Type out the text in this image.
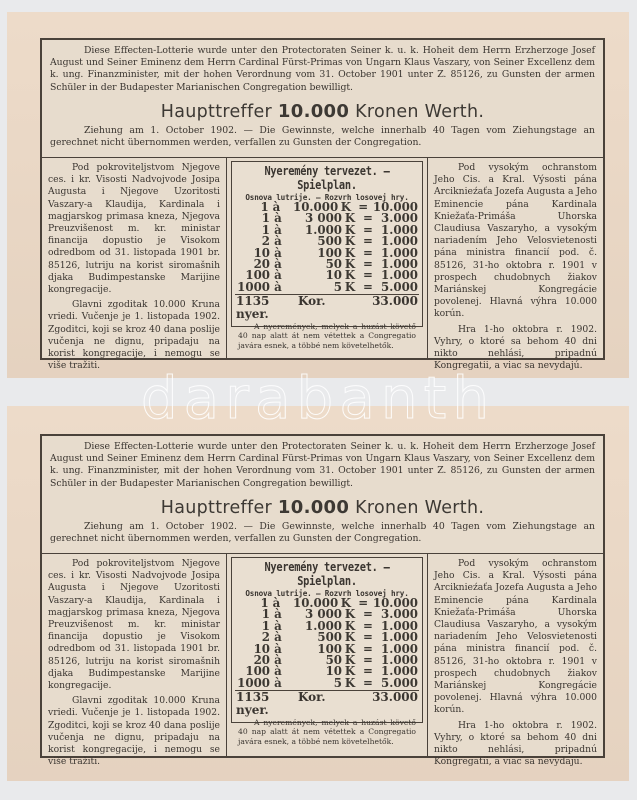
Diese Effecten-Lotterie wurde unter den Protectoraten Seiner k. u. k. Hoheit dem Herrn Erzherzoge Josef August und Seiner Eminenz dem Herrn Cardinal Fürst-Primas von Ungarn Klaus Vaszary, von Seiner Excellenz dem k. ung. Finanzminister, mit der hohen Verordnung vom 31. October 1901 unter Z. 85126, zu Gunsten der armen Schüler in der Budapester Marianischen Congregation bewilligt.
Haupttreffer 10.000 Kronen Werth.
Ziehung am 1. October 1902. — Die Gewinnste, welche innerhalb 40 Tagen vom Ziehungstage an gerechnet nicht übernommen werden, verfallen zu Gunsten der Congregation.

Pod pokroviteljstvom Njegove ces. i kr. Visosti Nadvojvode Josipa Augusta i Njegove Uzoritosti Vaszary-a Klaudija, Kardinala i magjarskog primasa kneza, Njegova Preuzvišenost m. kr. ministar financija dopustio je Visokom odredbom od 31. listopada 1901 br. 85126, lutriju na korist siromašnih djaka Budimpestanske Marijine kongregacije.

Glavni zgoditak 10.000 Kruna vriedi. Vučenje je 1. listopada 1902. Zgoditci, koji se kroz 40 dana poslije vučenja ne dignu, pripadaju na korist kongregacije, i nemogu se više tražiti.

Nyeremény tervezet. — Spielplan.
Osnova lutrije. — Rozvrh losovej hry.
1 à	10.000 K = 10.000
1 à	3 000 K = 3.000
1 à	1.000 K = 1.000
2 à	500 K = 1.000
10 à	100 K = 1.000
20 à	50 K = 1.000
100 à	10 K = 1.000
1000 à	5 K = 5.000
1135 nyer.
Kor.	33.000
A nyeremények, melyek a huzást követő 40 nap alatt át nem vétettek a Congregatio javára esnek, a többé nem követelhetők.

Pod vysokým ochranstom Jeho Cis. a Kral. Výsosti pána Arciknieźaťa Jozefa Augusta a Jeho Eminencie pána Kardinala Kniežaťa-Primáša Uhorska Claudiusa Vaszaryho, a vysokým nariadením Jeho Velosvietenosti pána ministra financií pod. č. 85126, 31-ho oktobra r. 1901 v prospech chudobnych žiakov Mariánskej Kongregácie povolenej. Hlavná výhra 10.000 korún.

Hra 1-ho oktobra r. 1902. Vyhry, o ktoré sa behom 40 dni nikto nehlási, pripadnú Kongregatii, a viac sa nevydajú.

Diese Effecten-Lotterie wurde unter den Protectoraten Seiner k. u. k. Hoheit dem Herrn Erzherzoge Josef August und Seiner Eminenz dem Herrn Cardinal Fürst-Primas von Ungarn Klaus Vaszary, von Seiner Excellenz dem k. ung. Finanzminister, mit der hohen Verordnung vom 31. October 1901 unter Z. 85126, zu Gunsten der armen Schüler in der Budapester Marianischen Congregation bewilligt.
Haupttreffer 10.000 Kronen Werth.
Ziehung am 1. October 1902. — Die Gewinnste, welche innerhalb 40 Tagen vom Ziehungstage an gerechnet nicht übernommen werden, verfallen zu Gunsten der Congregation.

Pod pokroviteljstvom Njegove ces. i kr. Visosti Nadvojvode Josipa Augusta i Njegove Uzoritosti Vaszary-a Klaudija, Kardinala i magjarskog primasa kneza, Njegova Preuzvišenost m. kr. ministar financija dopustio je Visokom odredbom od 31. listopada 1901 br. 85126, lutriju na korist siromašnih djaka Budimpestanske Marijine kongregacije.

Glavni zgoditak 10.000 Kruna vriedi. Vučenje je 1. listopada 1902. Zgoditci, koji se kroz 40 dana poslije vučenja ne dignu, pripadaju na korist kongregacije, i nemogu se više tražiti.

Nyeremény tervezet. — Spielplan.
Osnova lutrije. — Rozvrh losovej hry.
1 à	10.000 K = 10.000
1 à	3 000 K = 3.000
1 à	1.000 K = 1.000
2 à	500 K = 1.000
10 à	100 K = 1.000
20 à	50 K = 1.000
100 à	10 K = 1.000
1000 à	5 K = 5.000
1135 nyer.
Kor.	33.000
A nyeremények, melyek a huzást követő 40 nap alatt át nem vétettek a Congregatio javára esnek, a többé nem követelhetők.

Pod vysokým ochranstom Jeho Cis. a Kral. Výsosti pána Arciknieźaťa Jozefa Augusta a Jeho Eminencie pána Kardinala Kniežaťa-Primáša Uhorska Claudiusa Vaszaryho, a vysokým nariadením Jeho Velosvietenosti pána ministra financií pod. č. 85126, 31-ho oktobra r. 1901 v prospech chudobnych žiakov Mariánskej Kongregácie povolenej. Hlavná výhra 10.000 korún.

Hra 1-ho oktobra r. 1902. Vyhry, o ktoré sa behom 40 dni nikto nehlási, pripadnú Kongregatii, a viac sa nevydajú.

darabanth
